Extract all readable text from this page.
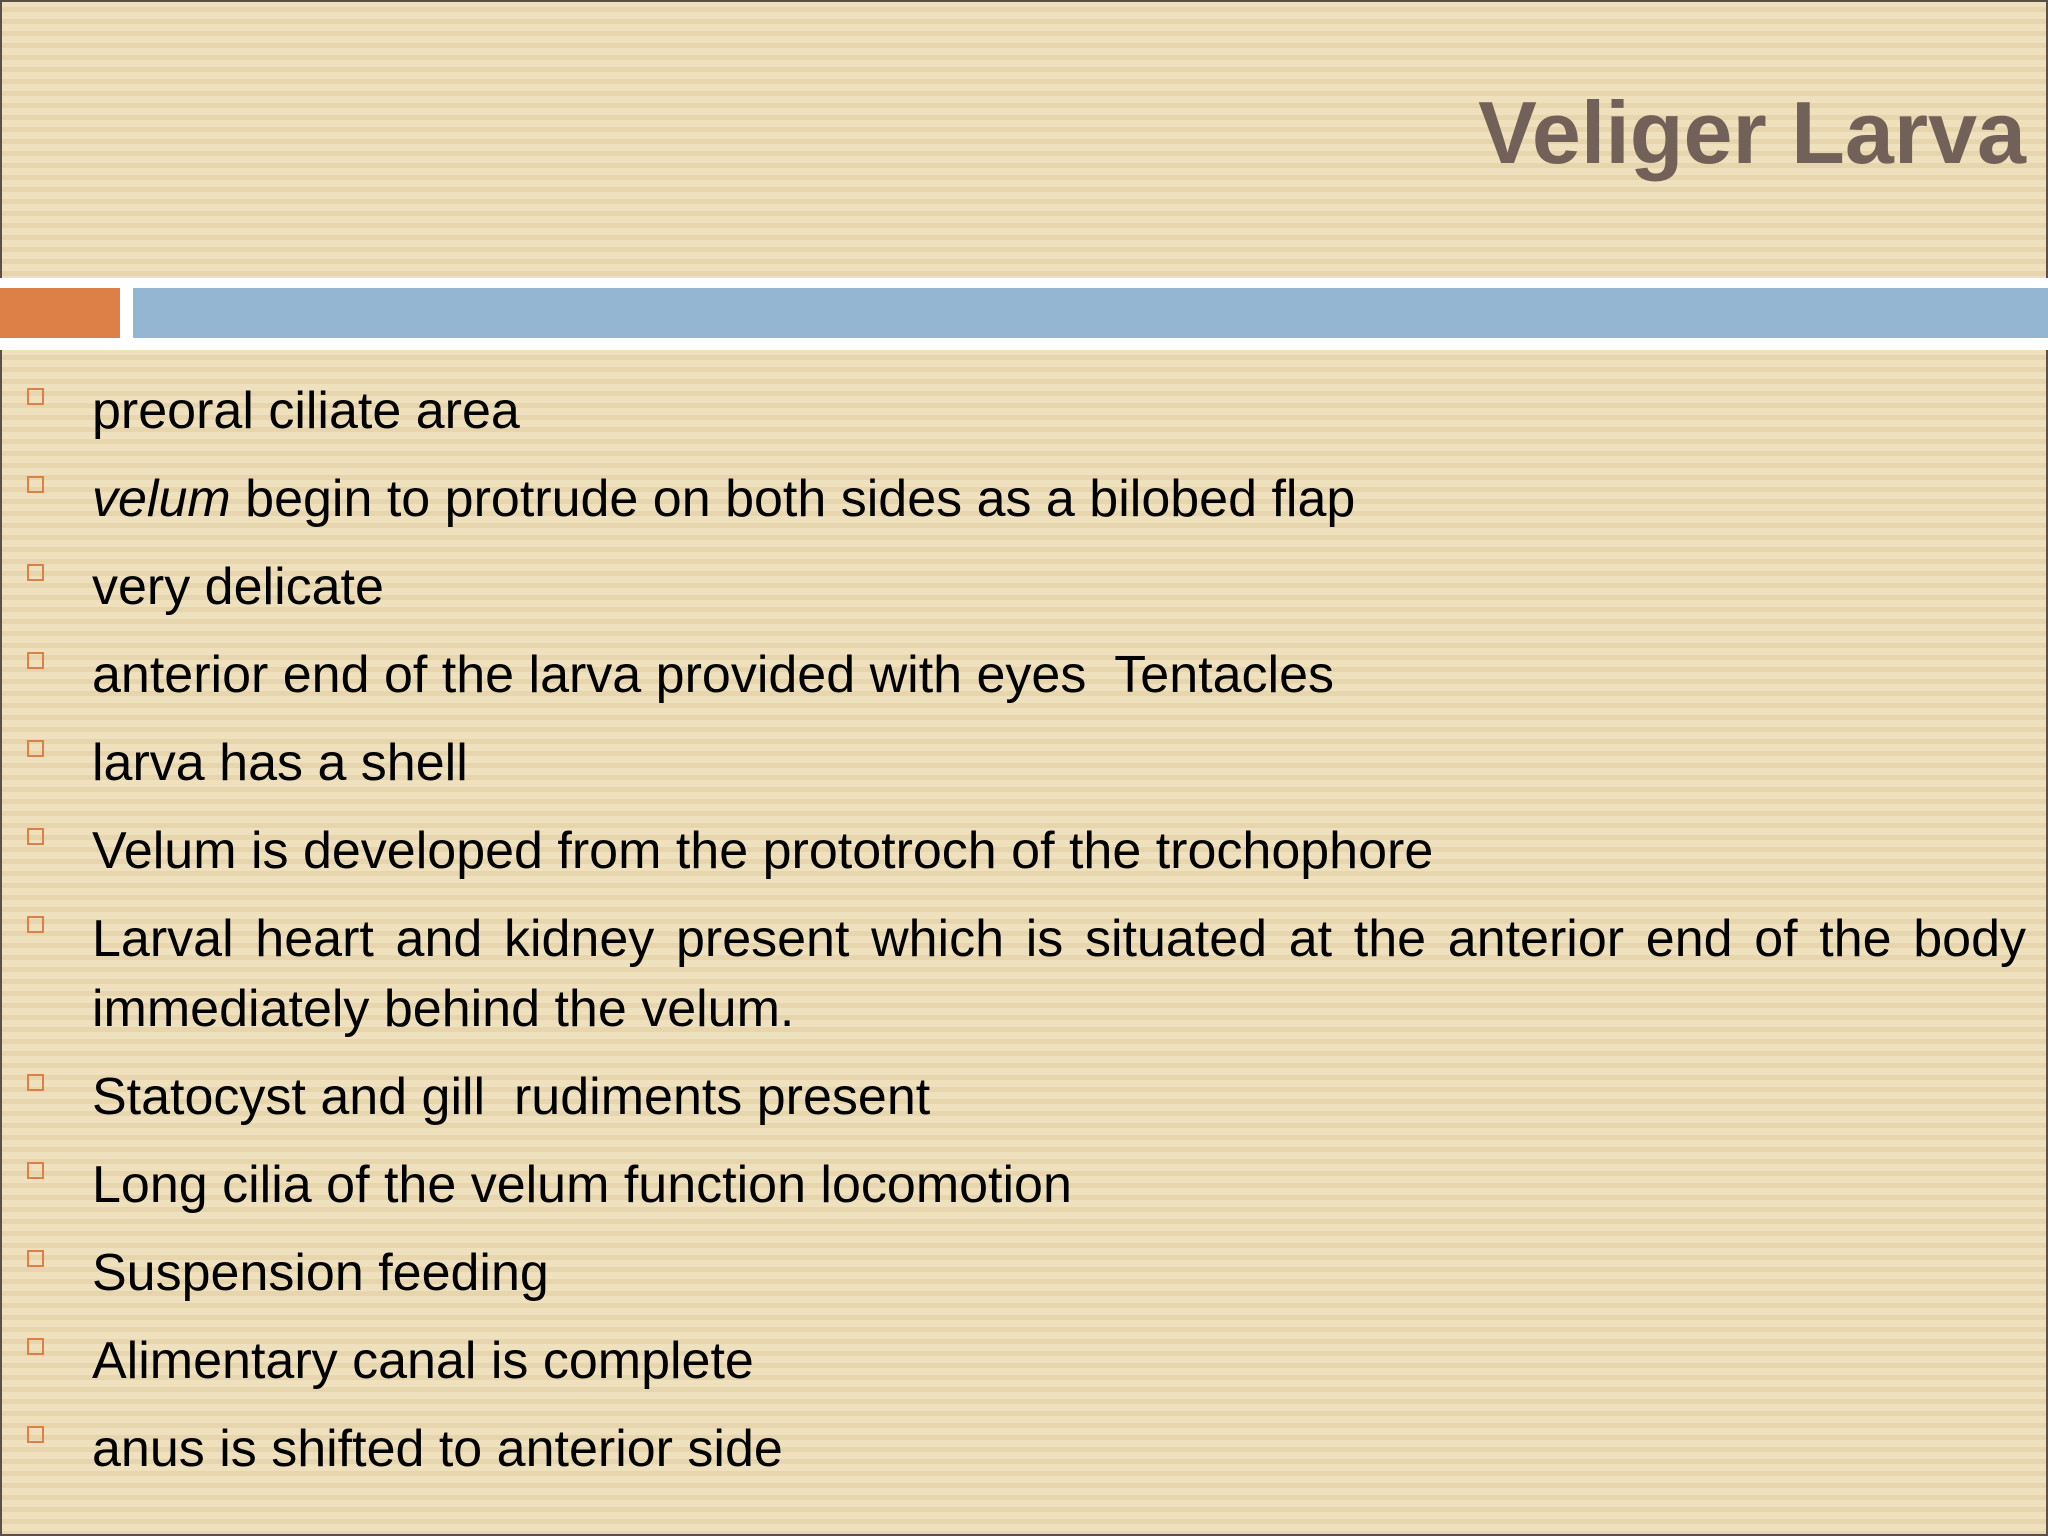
Veliger Larva
preoral ciliate area
velum begin to protrude on both sides as a bilobed flap
very delicate
anterior end of the larva provided with eyes  Tentacles
larva has a shell
Velum is developed from the prototroch of the trochophore
Larval heart and kidney present which is situated at the anterior end of the body immediately behind the velum.
Statocyst and gill  rudiments present
Long cilia of the velum function locomotion
Suspension feeding
Alimentary canal is complete
anus is shifted to anterior side
